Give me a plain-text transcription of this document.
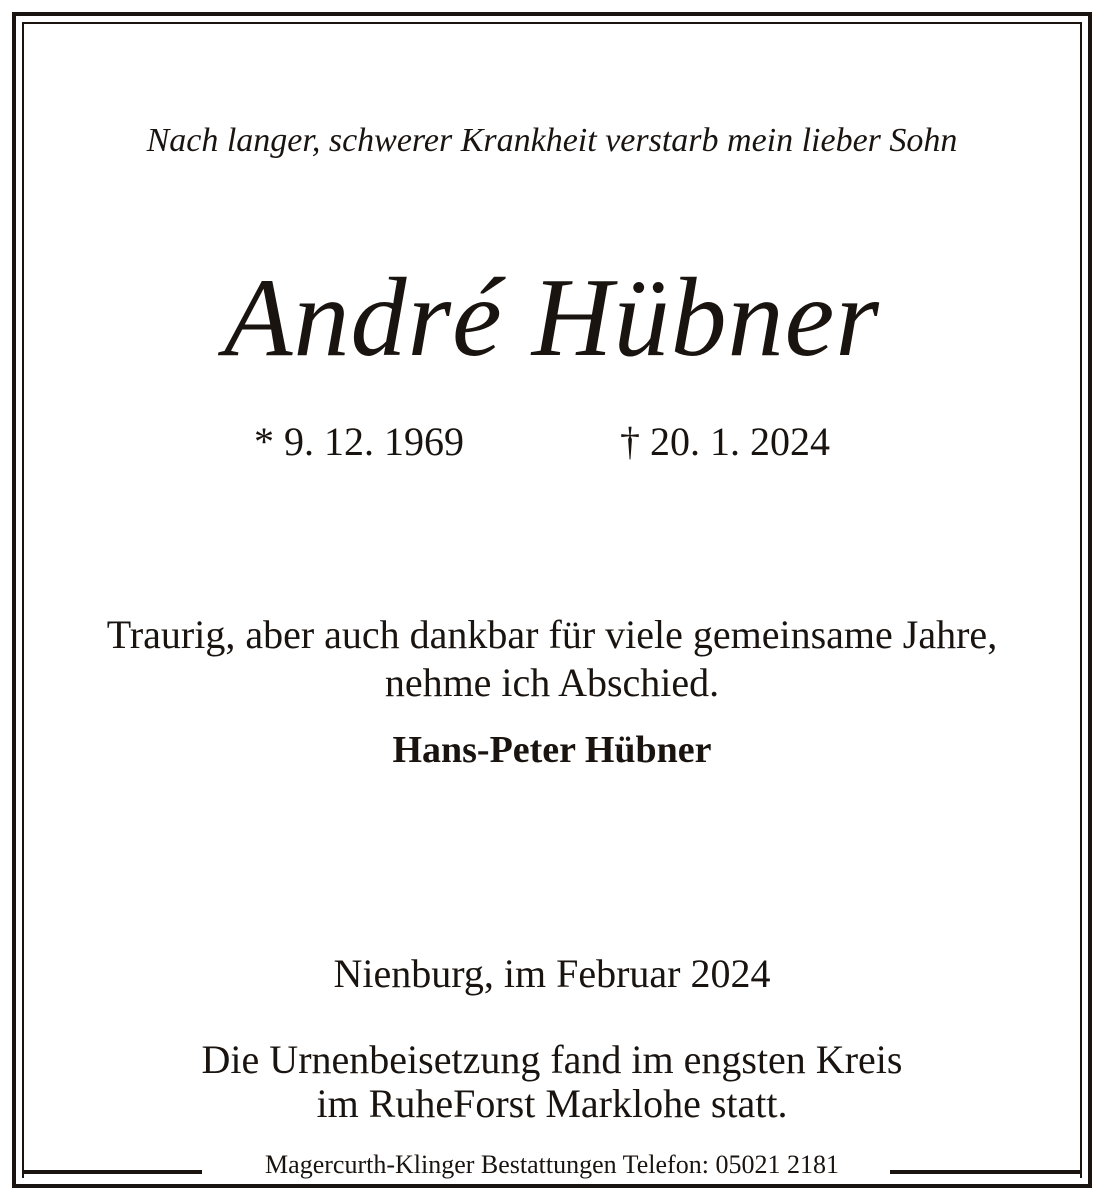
Nach langer, schwerer Krankheit verstarb mein lieber Sohn
André Hübner
* 9. 12. 1969	† 20. 1. 2024
Traurig, aber auch dankbar für viele gemeinsame Jahre,
nehme ich Abschied.
Hans-Peter Hübner
Nienburg, im Februar 2024
Die Urnenbeisetzung fand im engsten Kreis
im RuheForst Marklohe statt.
Magercurth-Klinger Bestattungen Telefon: 05021 2181
